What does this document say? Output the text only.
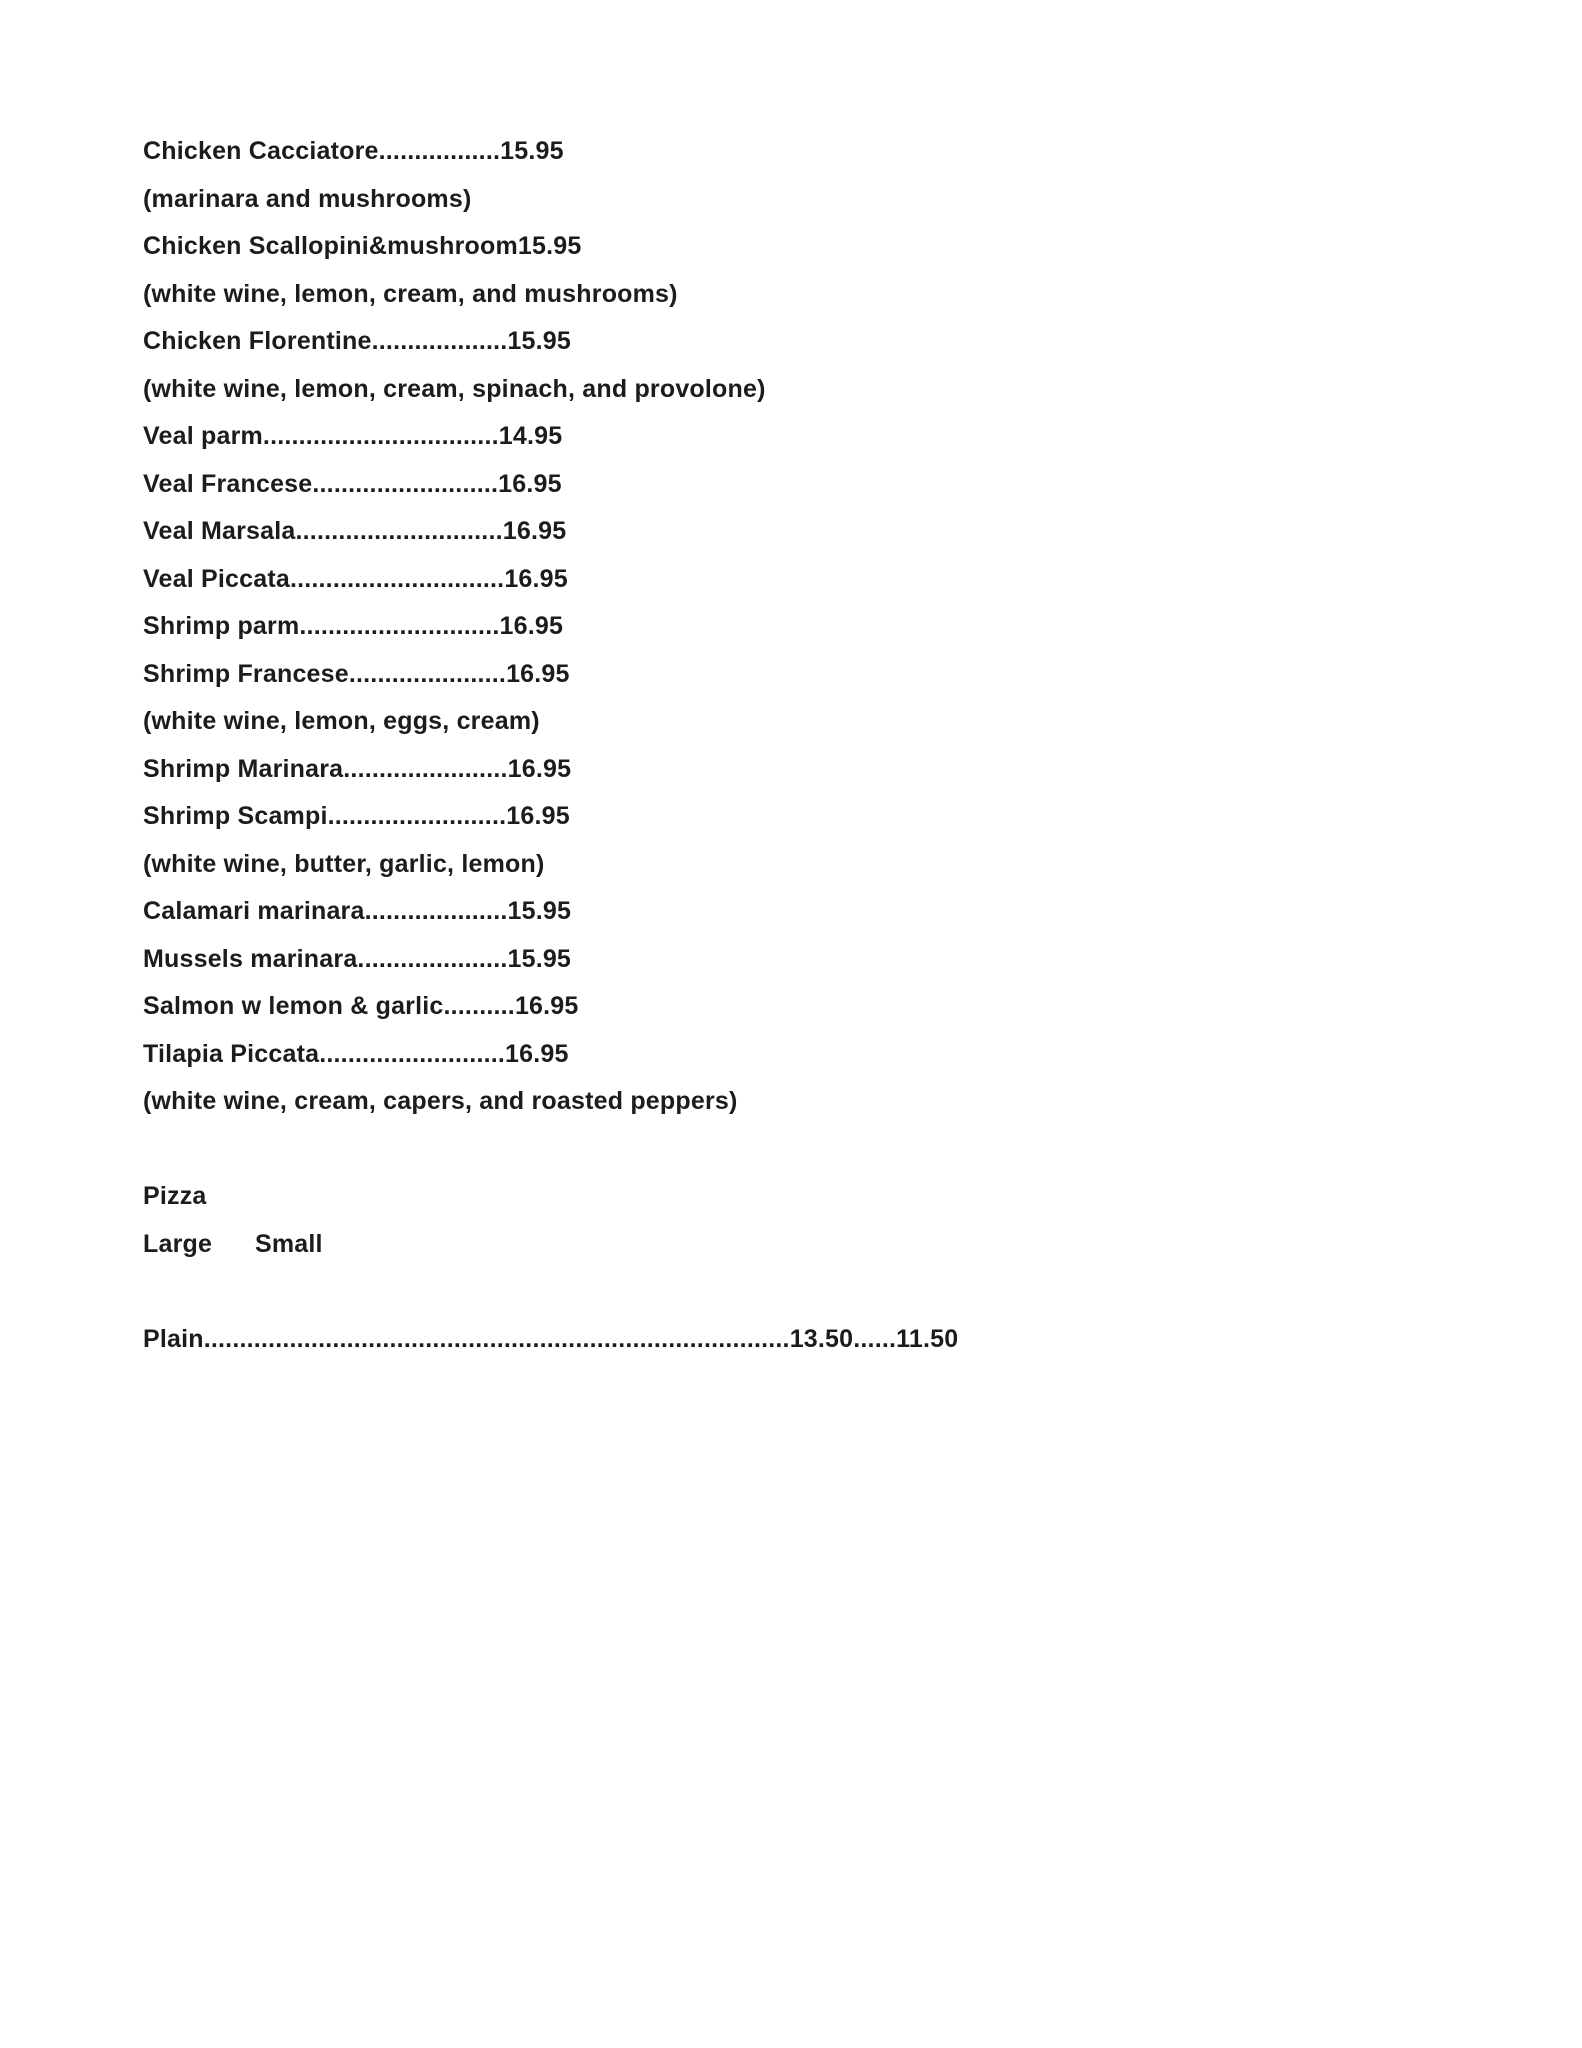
Chicken Cacciatore.................15.95
(marinara and mushrooms)
Chicken Scallopini&mushroom15.95
(white wine, lemon, cream, and mushrooms)
Chicken Florentine...................15.95
(white wine, lemon, cream, spinach, and provolone)
Veal parm.................................14.95
Veal Francese..........................16.95
Veal Marsala.............................16.95
Veal Piccata..............................16.95
Shrimp parm............................16.95
Shrimp Francese......................16.95
(white wine, lemon, eggs, cream)
Shrimp Marinara.......................16.95
Shrimp Scampi.........................16.95
(white wine, butter, garlic, lemon)
Calamari marinara....................15.95
Mussels marinara.....................15.95
Salmon w lemon & garlic..........16.95
Tilapia Piccata..........................16.95
(white wine, cream, capers, and roasted peppers)
Pizza
Large      Small
Plain..................................................................................13.50......11.50
